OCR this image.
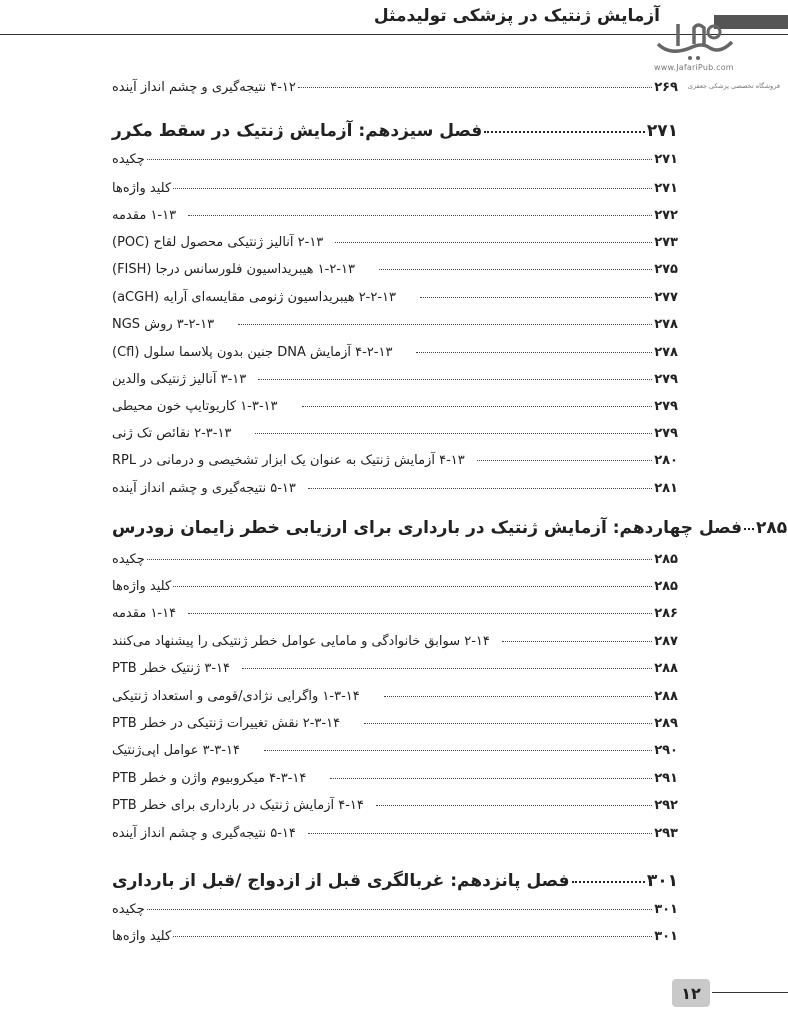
آزمایش ژنتیک در پزشکی تولیدمثل
www.JafariPub.com
فروشگاه تخصصی پزشکی جعفری
۴-۱۲ نتیجه‌گیری و چشم انداز آینده	۲۶۹
فصل سیزدهم: آزمایش ژنتیک در سقط مکرر	۲۷۱
چکیده	۲۷۱
کلید واژه‌ها	۲۷۱
۱-۱۳ مقدمه	۲۷۲
۲-۱۳ آنالیز ژنتیکی محصول لقاح (POC)	۲۷۳
۱-۲-۱۳ هیبریداسیون فلورسانس درجا (FISH)	۲۷۵
۲-۲-۱۳ هیبریداسیون ژنومی مقایسه‌ای آرایه (aCGH)	۲۷۷
۳-۲-۱۳ روش NGS	۲۷۸
۴-۲-۱۳ آزمایش DNA جنین بدون پلاسما سلول (Cfl)	۲۷۸
۳-۱۳ آنالیز ژنتیکی والدین	۲۷۹
۱-۳-۱۳ کاریوتایپ خون محیطی	۲۷۹
۲-۳-۱۳ نقائص تک ژنی	۲۷۹
۴-۱۳ آزمایش ژنتیک به عنوان یک ابزار تشخیصی و درمانی در RPL	۲۸۰
۵-۱۳ نتیجه‌گیری و چشم انداز آینده	۲۸۱
فصل چهاردهم: آزمایش ژنتیک در بارداری برای ارزیابی خطر زایمان زودرس ۲۸۵
چکیده	۲۸۵
کلید واژه‌ها	۲۸۵
۱-۱۴ مقدمه	۲۸۶
۲-۱۴ سوابق خانوادگی و مامایی عوامل خطر ژنتیکی را پیشنهاد می‌کنند	۲۸۷
۳-۱۴ ژنتیک خطر PTB	۲۸۸
۱-۳-۱۴ واگرایی نژادی/قومی و استعداد ژنتیکی	۲۸۸
۲-۳-۱۴ نقش تغییرات ژنتیکی در خطر PTB	۲۸۹
۳-۳-۱۴ عوامل اپی‌ژنتیک	۲۹۰
۴-۳-۱۴ میکروبیوم واژن و خطر PTB	۲۹۱
۴-۱۴ آزمایش ژنتیک در بارداری برای خطر PTB	۲۹۲
۵-۱۴ نتیجه‌گیری و چشم انداز آینده	۲۹۳
فصل پانزدهم: غربالگری قبل از ازدواج /قبل از بارداری	۳۰۱
چکیده	۳۰۱
کلید واژه‌ها	۳۰۱
۱۲
